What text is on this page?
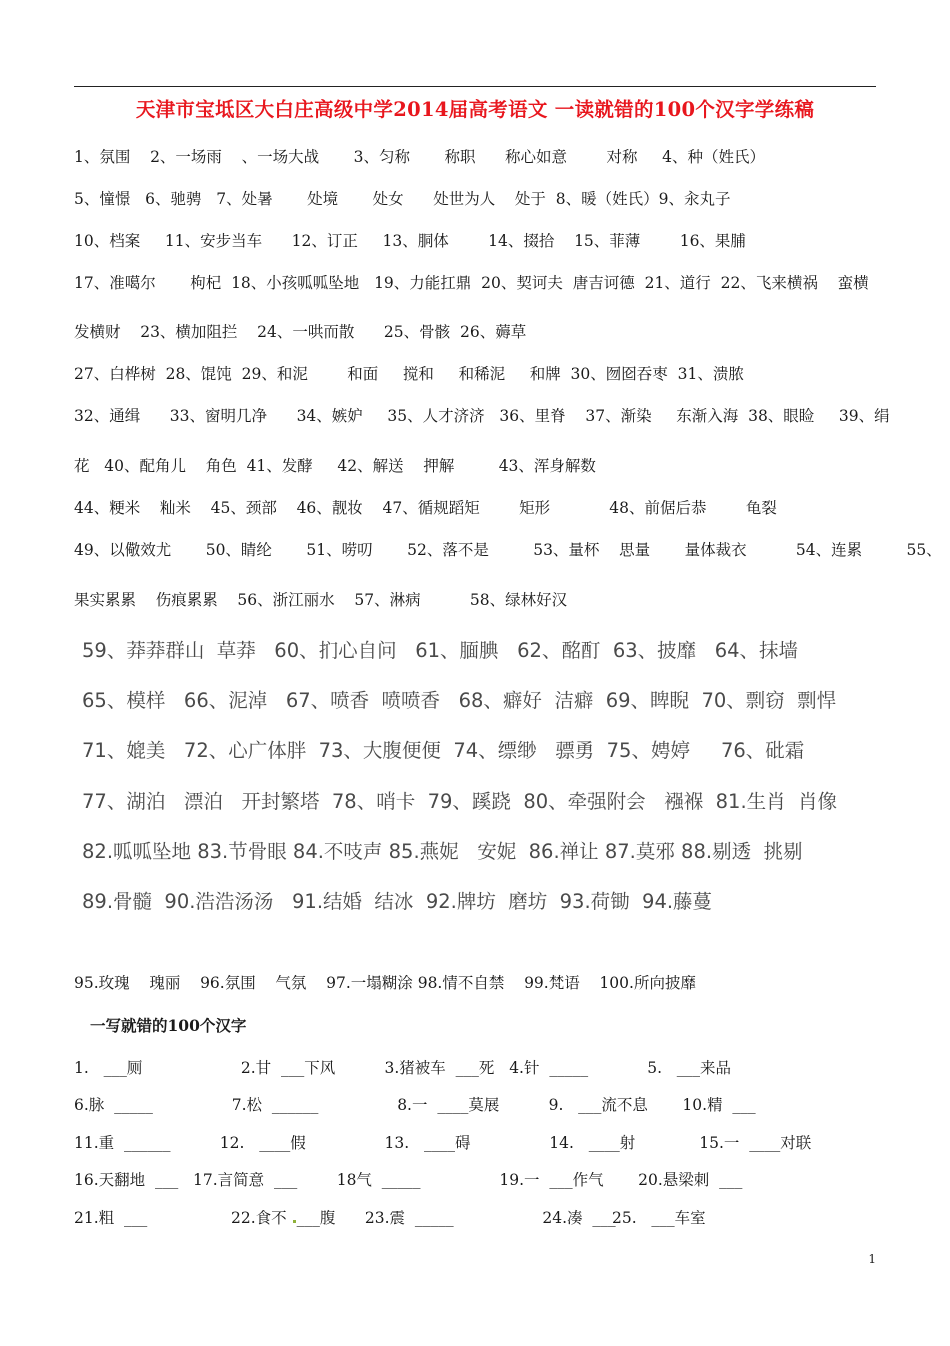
天津市宝坻区大白庄高级中学2014届高考语文 一读就错的100个汉字学练稿
1、氛围    2、一场雨    、一场大战       3、匀称       称职      称心如意        对称     4、种（姓氏）
5、憧憬   6、驰骋   7、处暑       处境       处女      处世为人    处于  8、暖（姓氏）9、汆丸子
10、档案     11、安步当车      12、订正     13、胴体        14、掇拾    15、菲薄        16、果脯
17、准噶尔       枸杞  18、小孩呱呱坠地   19、力能扛鼎  20、契诃夫  唐吉诃德  21、道行  22、飞来横祸    蛮横
发横财    23、横加阻拦    24、一哄而散      25、骨骸  26、薅草
27、白桦树  28、馄饨  29、和泥        和面     搅和     和稀泥     和牌  30、囫囵吞枣  31、溃脓
32、通缉      33、窗明几净      34、嫉妒     35、人才济济   36、里脊    37、渐染     东渐入海  38、眼睑     39、绢
花   40、配角儿    角色  41、发酵     42、解送    押解         43、浑身解数
44、粳米    籼米    45、颈部    46、靓妆    47、循规蹈矩        矩形            48、前倨后恭        龟裂
49、以儆效尤       50、睛纶       51、唠叨       52、落不是         53、量杯    思量       量体裁衣          54、连累         55、
果实累累    伤痕累累    56、浙江丽水    57、淋病          58、绿林好汉
59、莽莽群山  草莽   60、扪心自问   61、腼腆   62、酩酊  63、披靡   64、抹墙
65、模样   66、泥淖   67、喷香  喷喷香   68、癖好  洁癖  69、睥睨  70、剽窃  剽悍
71、媲美   72、心广体胖  73、大腹便便  74、缥缈   骠勇  75、娉婷     76、砒霜
77、湖泊   漂泊   开封繁塔  78、哨卡  79、蹊跷  80、牵强附会   襁褓  81.生肖  肖像
82.呱呱坠地 83.节骨眼 84.不吱声 85.燕妮   安妮  86.禅让 87.莫邪 88.剔透  挑剔
89.骨髓  90.浩浩汤汤   91.结婚  结冰  92.牌坊  磨坊  93.荷锄  94.藤蔓
95.玫瑰    瑰丽    96.氛围    气氛    97.一塌糊涂 98.情不自禁    99.梵语    100.所向披靡
一写就错的100个汉字
1.   ___厕                    2.甘  ___下风          3.猪被车  ___死   4.针  _____            5.   ___来品
6.脉  _____                7.松  ______                8.一  ____莫展          9.   ___流不息       10.精  ___
11.重  ______          12.   ____假                13.   ____碍                14.   ____射             15.一  ____对联
16.天翻地  ___   17.言简意  ___        18气  _____                19.一  ___作气       20.悬梁刺  ___
21.粗  ___                 22.食不 ___腹      23.震  _____                  24.凑  ___
25.   ___车室
1
